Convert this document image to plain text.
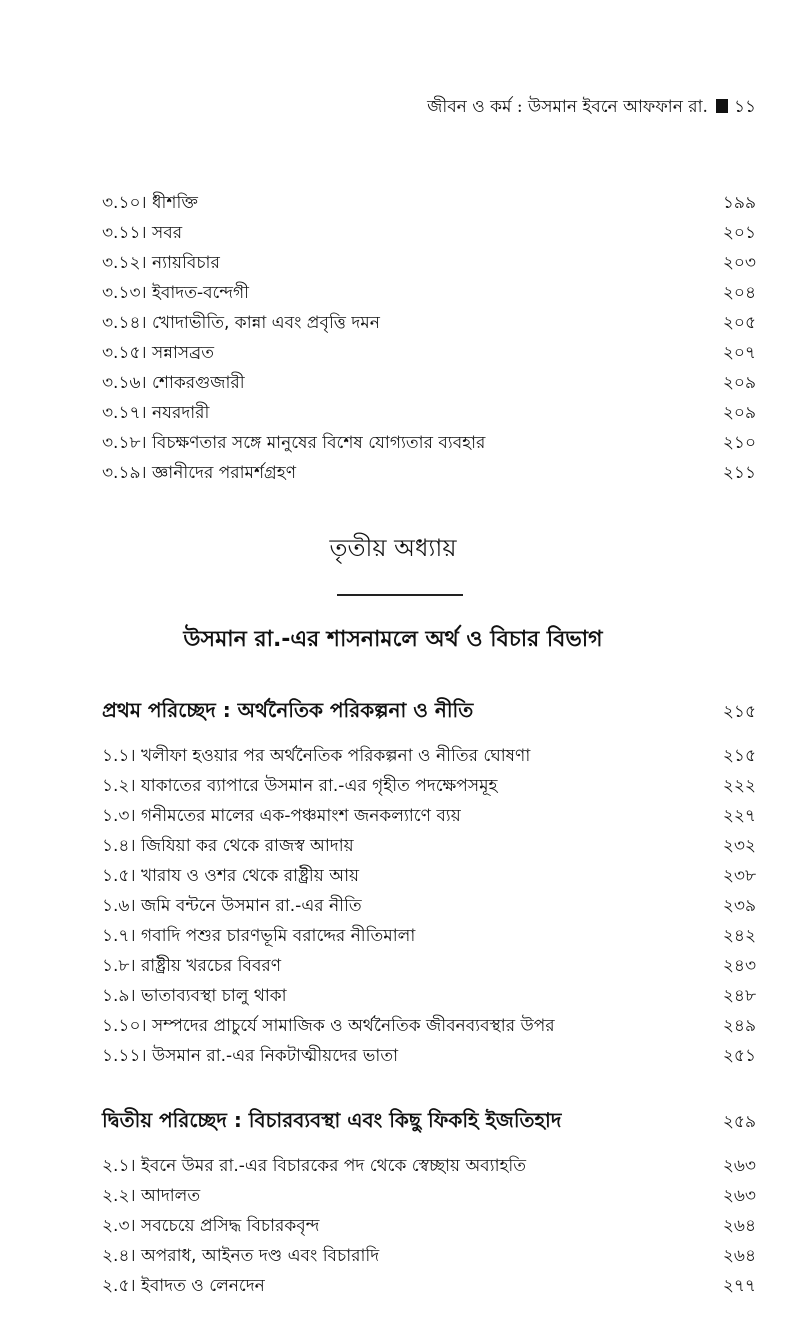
জীবন ও কর্ম : উসমান ইবনে আফফান রা. ১১
৩.১০। ধীশক্তি	১৯৯
৩.১১। সবর	২০১
৩.১২। ন্যায়বিচার	২০৩
৩.১৩। ইবাদত-বন্দেগী	২০৪
৩.১৪। খোদাভীতি, কান্না এবং প্রবৃত্তি দমন	২০৫
৩.১৫। সন্নাসব্রত	২০৭
৩.১৬। শোকরগুজারী	২০৯
৩.১৭। নযরদারী	২০৯
৩.১৮। বিচক্ষণতার সঙ্গে মানুষের বিশেষ যোগ্যতার ব্যবহার	২১০
৩.১৯। জ্ঞানীদের পরামর্শগ্রহণ	২১১
তৃতীয় অধ্যায়
উসমান রা.-এর শাসনামলে অর্থ ও বিচার বিভাগ
প্রথম পরিচ্ছেদ : অর্থনৈতিক পরিকল্পনা ও নীতি	২১৫
১.১। খলীফা হওয়ার পর অর্থনৈতিক পরিকল্পনা ও নীতির ঘোষণা	২১৫
১.২। যাকাতের ব্যাপারে উসমান রা.-এর গৃহীত পদক্ষেপসমূহ	২২২
১.৩। গনীমতের মালের এক-পঞ্চমাংশ জনকল্যাণে ব্যয়	২২৭
১.৪। জিযিয়া কর থেকে রাজস্ব আদায়	২৩২
১.৫। খারায ও ওশর থেকে রাষ্ট্রীয় আয়	২৩৮
১.৬। জমি বন্টনে উসমান রা.-এর নীতি	২৩৯
১.৭। গবাদি পশুর চারণভূমি বরাদ্দের নীতিমালা	২৪২
১.৮। রাষ্ট্রীয় খরচের বিবরণ	২৪৩
১.৯। ভাতাব্যবস্থা চালু থাকা	২৪৮
১.১০। সম্পদের প্রাচুর্যে সামাজিক ও অর্থনৈতিক জীবনব্যবস্থার উপর	২৪৯
১.১১। উসমান রা.-এর নিকটাত্মীয়দের ভাতা	২৫১
দ্বিতীয় পরিচ্ছেদ : বিচারব্যবস্থা এবং কিছু ফিকহি ইজতিহাদ	২৫৯
২.১। ইবনে উমর রা.-এর বিচারকের পদ থেকে স্বেচ্ছায় অব্যাহতি	২৬৩
২.২। আদালত	২৬৩
২.৩। সবচেয়ে প্রসিদ্ধ বিচারকবৃন্দ	২৬৪
২.৪। অপরাধ, আইনত দণ্ড এবং বিচারাদি	২৬৪
২.৫। ইবাদত ও লেনদেন	২৭৭
